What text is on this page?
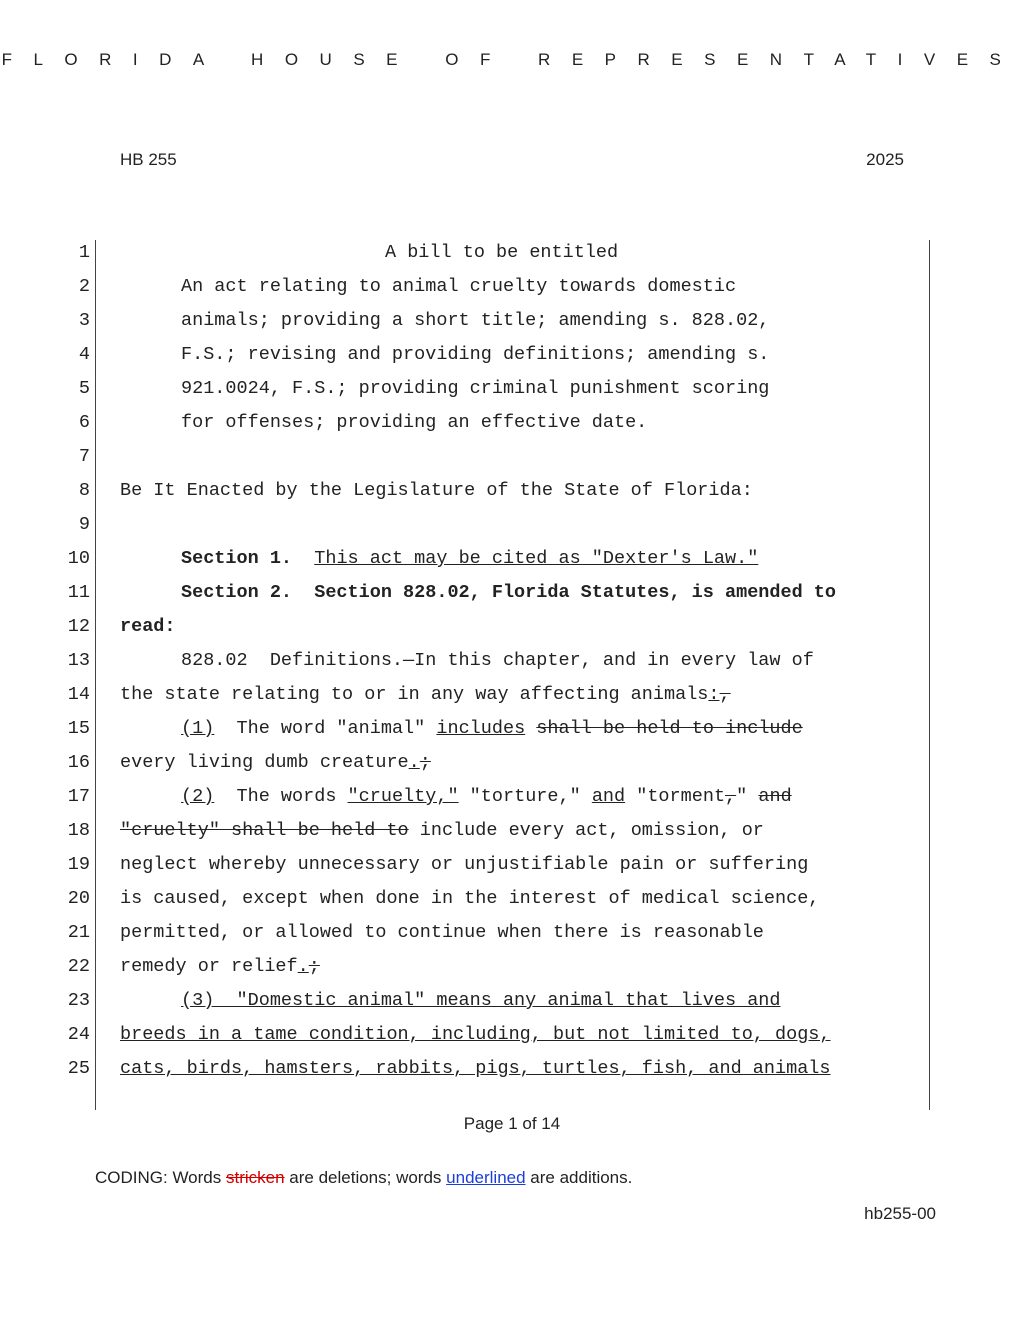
FLORIDA HOUSE OF REPRESENTATIVES
HB 255	2025
1	A bill to be entitled
2	An act relating to animal cruelty towards domestic
3	animals; providing a short title; amending s. 828.02,
4	F.S.; revising and providing definitions; amending s.
5	921.0024, F.S.; providing criminal punishment scoring
6	for offenses; providing an effective date.
7
8 Be It Enacted by the Legislature of the State of Florida:
9
10	Section 1. This act may be cited as "Dexter's Law."
11	Section 2.  Section 828.02, Florida Statutes, is amended to
12 read:
13	828.02  Definitions.—In this chapter, and in every law of
14 the state relating to or in any way affecting animals:,
15	(1)  The word "animal" includes shall be held to include
16 every living dumb creature.;
17	(2)  The words "cruelty," "torture," and "torment," and
18 "cruelty" shall be held to include every act, omission, or
19 neglect whereby unnecessary or unjustifiable pain or suffering
20 is caused, except when done in the interest of medical science,
21 permitted, or allowed to continue when there is reasonable
22 remedy or relief.;
23	(3)  "Domestic animal" means any animal that lives and
24 breeds in a tame condition, including, but not limited to, dogs,
25 cats, birds, hamsters, rabbits, pigs, turtles, fish, and animals
Page 1 of 14
CODING: Words stricken are deletions; words underlined are additions.
hb255-00
